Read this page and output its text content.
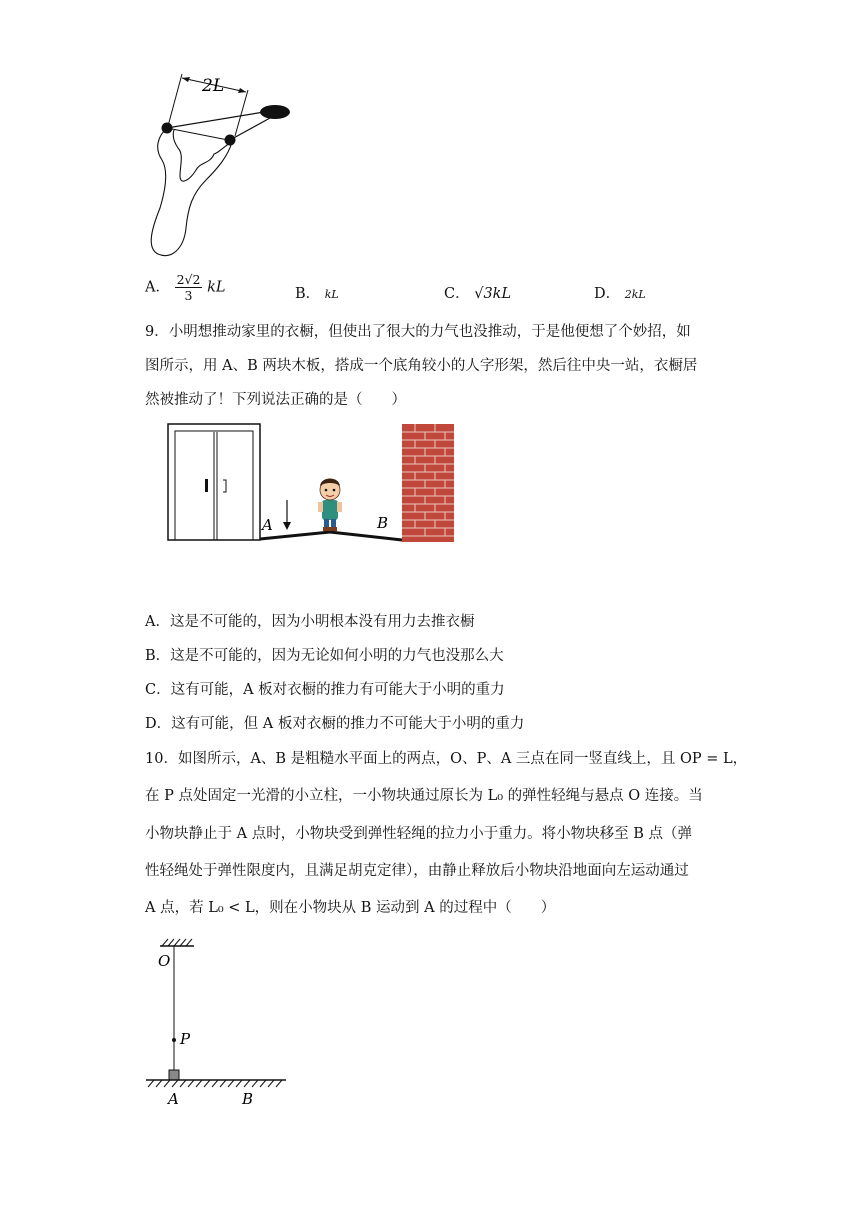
2L
A． $\frac{2√2}{3}$ kL	B． kL	C． √3kL	D． 2kL
9．小明想推动家里的衣橱，但使出了很大的力气也没推动，于是他便想了个妙招，如
图所示，用 A、B 两块木板，搭成一个底角较小的人字形架，然后往中央一站，衣橱居
然被推动了！下列说法正确的是（　　）
A	B
A．这是不可能的，因为小明根本没有用力去推衣橱
B．这是不可能的，因为无论如何小明的力气也没那么大
C．这有可能，A 板对衣橱的推力有可能大于小明的重力
D．这有可能，但 A 板对衣橱的推力不可能大于小明的重力
10．如图所示，A、B 是粗糙水平面上的两点，O、P、A 三点在同一竖直线上，且 OP = L，
在 P 点处固定一光滑的小立柱，一小物块通过原长为 L₀ 的弹性轻绳与悬点 O 连接。当
小物块静止于 A 点时，小物块受到弹性轻绳的拉力小于重力。将小物块移至 B 点（弹
性轻绳处于弹性限度内，且满足胡克定律），由静止释放后小物块沿地面向左运动通过
A 点，若 L₀ < L，则在小物块从 B 运动到 A 的过程中（　　）
O
P
A	B
